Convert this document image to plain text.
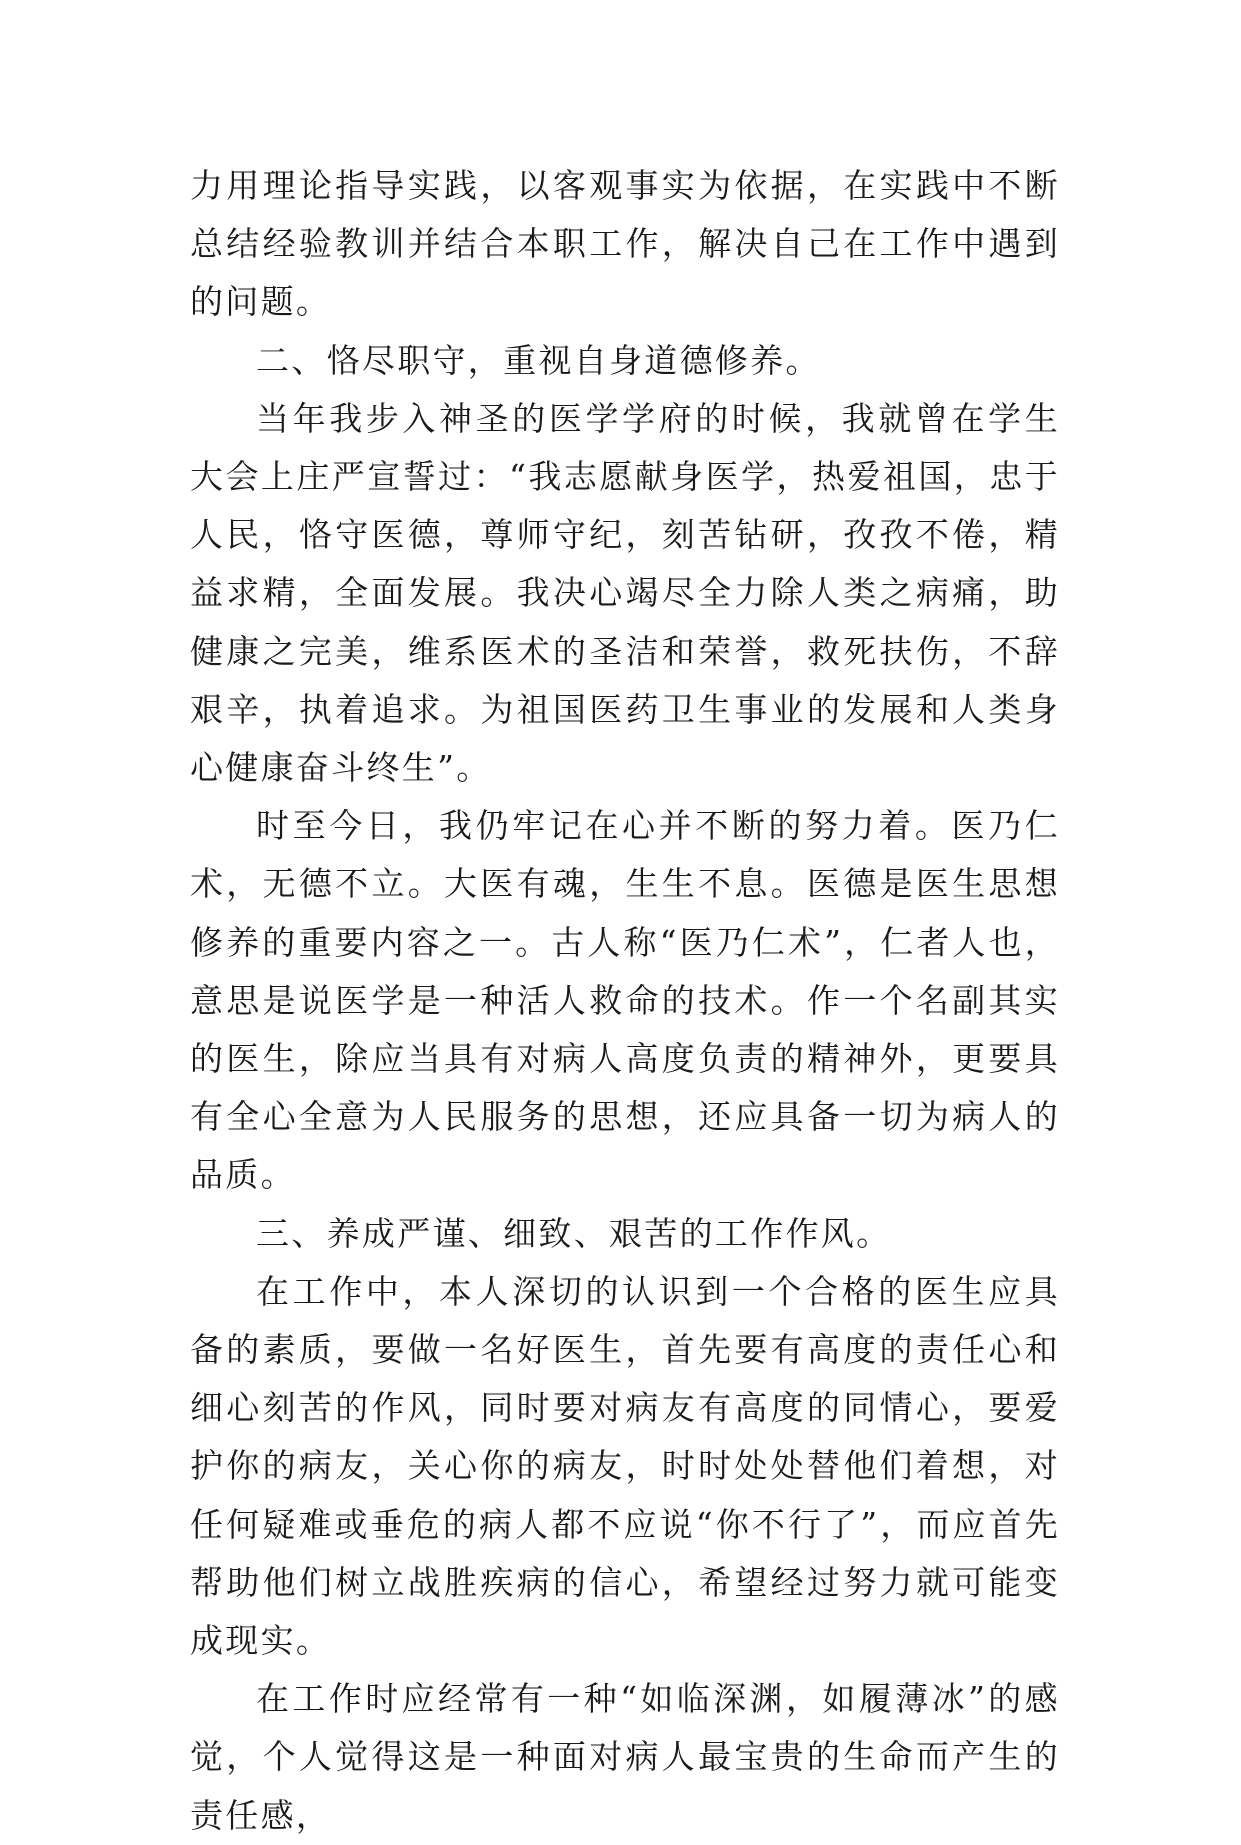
力用理论指导实践，以客观事实为依据，在实践中不断总结经验教训并结合本职工作，解决自己在工作中遇到的问题。

二、恪尽职守，重视自身道德修养。

当年我步入神圣的医学学府的时候，我就曾在学生大会上庄严宣誓过：“我志愿献身医学，热爱祖国，忠于人民，恪守医德，尊师守纪，刻苦钻研，孜孜不倦，精益求精，全面发展。我决心竭尽全力除人类之病痛，助健康之完美，维系医术的圣洁和荣誉，救死扶伤，不辞艰辛，执着追求。为祖国医药卫生事业的发展和人类身心健康奋斗终生”。

时至今日，我仍牢记在心并不断的努力着。医乃仁术，无德不立。大医有魂，生生不息。医德是医生思想修养的重要内容之一。古人称“医乃仁术”，仁者人也，意思是说医学是一种活人救命的技术。作一个名副其实的医生，除应当具有对病人高度负责的精神外，更要具有全心全意为人民服务的思想，还应具备一切为病人的品质。

三、养成严谨、细致、艰苦的工作作风。

在工作中，本人深切的认识到一个合格的医生应具备的素质，要做一名好医生，首先要有高度的责任心和细心刻苦的作风，同时要对病友有高度的同情心，要爱护你的病友，关心你的病友，时时处处替他们着想，对任何疑难或垂危的病人都不应说“你不行了”，而应首先帮助他们树立战胜疾病的信心，希望经过努力就可能变成现实。

在工作时应经常有一种“如临深渊，如履薄冰”的感觉，个人觉得这是一种面对病人最宝贵的生命而产生的责任感，
